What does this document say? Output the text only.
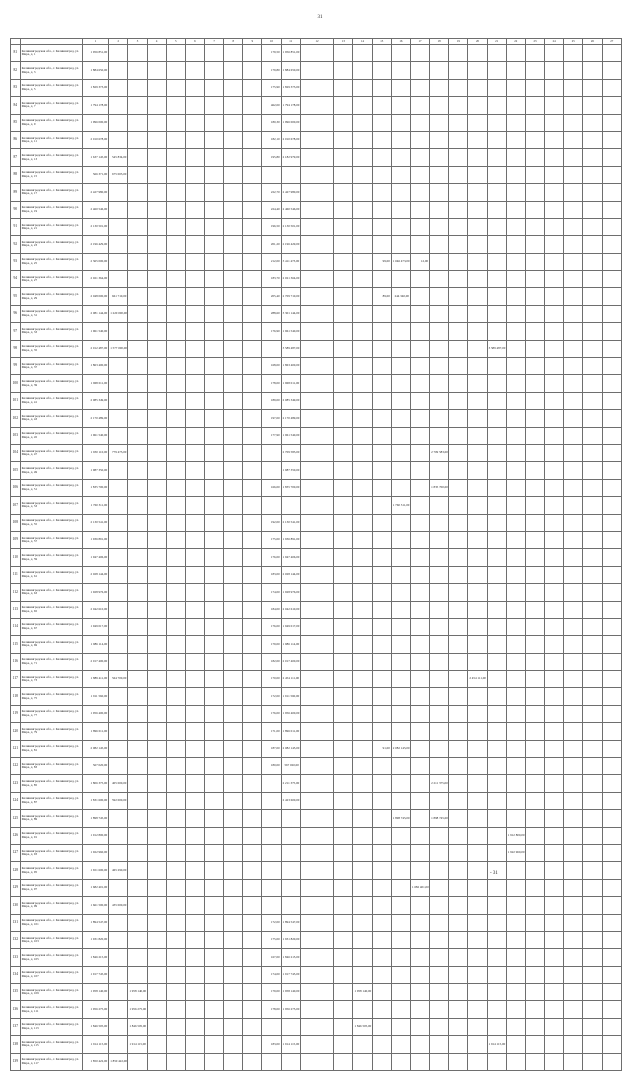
31
		1	2	3	4	5	6	7	8	9	10	11	12	13	14	15	16	17	18	19	20	21	22	23	24	25	26	27
81	Калининградская обл., г. Калининград, ул. Мира, д. 1	1 956 851,00									179,50	1 956 851,00																
82	Калининградская обл., г. Калининград, ул. Мира, д. 3	1 884 650,00									179,80	1 884 650,00																
83	Калининградская обл., г. Калининград, ул. Мира, д. 5	1 829 373,00									175,90	1 829 373,00																
84	Калининградская обл., г. Калининград, ул. Мира, д. 7	1 794 178,00									462,00	1 794 178,00																
85	Калининградская обл., г. Калининград, ул. Мира, д. 9	1 996 000,00									180,30	1 996 000,00																
86	Калининградская обл., г. Калининград, ул. Мира, д. 11	2 010 678,00									182,10	2 010 678,00																
87	Калининградская обл., г. Калининград, ул. Мира, д. 13	1 637 145,00	545 834,00								195,80	2 182 979,00																
88	Калининградская обл., г. Калининград, ул. Мира, д. 15	566 371,00	675 003,00																									
89	Калининградская обл., г. Калининград, ул. Мира, д. 17	2 427 980,00									222,70	2 427 980,00																
90	Калининградская обл., г. Калининград, ул. Мира, д. 19	2 460 546,00									224,40	2 460 546,00																
91	Калининградская обл., г. Калининград, ул. Мира, д. 21	2 130 501,00									196,50	2 130 501,00																
92	Калининградская обл., г. Калининград, ул. Мира, д. 23	2 196 429,00									201,20	2 196 429,00																
93	Калининградская обл., г. Калининград, ул. Мира, д. 25	2 365 000,00									212,00	3 411 473,00				99,00	1 046 473,00	12,00										
94	Калининградская обл., г. Калининград, ул. Мира, д. 27	2 021 364,00									183,70	2 021 364,00																
95	Калининградская обл., г. Калининград, ул. Мира, д. 29	2 048 000,00	661 710,00								205,40	2 709 710,00				89,00	244 340,00											
96	Калининградская обл., г. Калининград, ул. Мира, д. 31	2 081 144,00	1 220 000,00								288,60	3 301 144,00																
97	Калининградская обл., г. Калининград, ул. Мира, д. 33	1 961 540,00									176,90	1 961 540,00																
98	Калининградская обл., г. Калининград, ул. Мира, д. 35	2 012 487,00	1 577 000,00									3 589 487,00										3 589 487,00						
99	Калининградская обл., г. Калининград, ул. Мира, д. 37	1 863 400,00									168,00	1 863 400,00																
100	Калининградская обл., г. Калининград, ул. Мира, д. 39	1 968 011,00									178,00	1 968 011,00																
101	Калининградская обл., г. Калининград, ул. Мира, д. 41	2 085 349,00									189,00	2 085 349,00																
102	Калининградская обл., г. Калининград, ул. Мира, д. 43	2 170 489,00									197,00	2 170 489,00																
103	Калининградская обл., г. Калининград, ул. Мира, д. 45	1 961 540,00									177,90	1 961 540,00																
104	Калининградская обл., г. Калининград, ул. Мира, д. 47	1 930 110,00	779 473,00									2 709 583,00							2 709 583,00									
105	Калининградская обл., г. Калининград, ул. Мира, д. 49	1 987 350,00										1 987 350,00																
106	Калининградская обл., г. Калининград, ул. Мира, д. 51	1 835 700,00									166,00	1 835 700,00							1 835 700,00									
107	Калининградская обл., г. Калининград, ул. Мира, д. 53	1 760 311,00															1 760 311,00											
108	Калининградская обл., г. Калининград, ул. Мира, д. 55	2 130 541,00									192,00	2 130 541,00																
109	Калининградская обл., г. Калининград, ул. Мира, д. 57	1 936 891,00									175,00	1 936 891,00																
110	Калининградская обл., г. Калининград, ул. Мира, д. 59	1 947 406,00									176,00	1 947 406,00																
111	Калининградская обл., г. Калининград, ул. Мира, д. 61	2 028 144,00									183,00	2 028 144,00																
112	Калининградская обл., г. Калининград, ул. Мира, д. 63	1 928 976,00									174,00	1 928 976,00																
113	Калининградская обл., г. Калининград, ул. Мира, д. 65	2 042 610,00									184,00	2 042 610,00																
114	Калининградская обл., г. Калининград, ул. Мира, д. 67	1 949 017,00									176,00	1 949 017,00																
115	Калининградская обл., г. Калининград, ул. Мира, д. 69	1 986 114,00									179,00	1 986 114,00																
116	Калининградская обл., г. Калининград, ул. Мира, д. 71	2 017 400,00									182,00	2 017 400,00																
117	Калининградская обл., г. Калининград, ул. Мира, д. 73	1 889 411,00	564 700,00								170,00	2 454 111,00									2 454 111,00							
118	Калининградская обл., г. Калининград, ул. Мира, д. 75	1 911 560,00									172,00	1 911 560,00																
119	Калининградская обл., г. Калининград, ул. Мира, д. 77	1 956 400,00									176,00	1 956 400,00																
120	Калининградская обл., г. Калининград, ул. Мира, д. 79	1 896 011,00									171,00	1 896 011,00																
121	Калининградская обл., г. Калининград, ул. Мира, д. 81	2 082 145,00									187,00	2 082 145,00				91,00	2 082 145,00											
122	Калининградская обл., г. Калининград, ул. Мира, д. 83	567 020,00									180,00	567 020,00																
123	Калининградская обл., г. Калининград, ул. Мира, д. 85	1 806 375,00	405 000,00									2 211 375,00							2 211 375,00									
124	Калининградская обл., г. Калининград, ул. Мира, д. 87	1 831 600,00	592 000,00									2 423 600,00																
125	Калининградская обл., г. Калининград, ул. Мира, д. 89	1 898 745,00															1 898 745,00		1 898 745,00									
126	Калининградская обл., г. Калининград, ул. Мира, д. 91	1 912 800,00																					1 912 800,00					
127	Калининградская обл., г. Калининград, ул. Мира, д. 93	1 922 960,00																					1 922 960,00					
128	Калининградская обл., г. Калининград, ул. Мира, д. 95	1 651 600,00	465 290,00																									
129	Калининградская обл., г. Калининград, ул. Мира, д. 97	1 682 401,00																1 682 401,00										
130	Калининградская обл., г. Калининград, ул. Мира, д. 99	1 661 500,00	435 000,00																									
131	Калининградская обл., г. Калининград, ул. Мира, д. 101	1 894 547,00									172,00	1 894 547,00																
132	Калининградская обл., г. Калининград, ул. Мира, д. 103	1 931 820,00									175,00	1 931 820,00																
133	Калининградская обл., г. Калининград, ул. Мира, д. 105	1 846 215,00									167,00	1 846 215,00																
134	Калининградская обл., г. Калининград, ул. Мира, д. 107	1 917 745,00									174,00	1 917 745,00																
135	Калининградская обл., г. Калининград, ул. Мира, д. 109	1 958 140,00		1 958 140,00							179,00	1 958 140,00			1 958 140,00													
136	Калининградская обл., г. Калининград, ул. Мира, д. 111	1 956 275,00		1 956 275,00							178,00	1 956 275,00																
137	Калининградская обл., г. Калининград, ул. Мира, д. 113	1 846 505,00		1 846 505,00											1 846 505,00													
138	Калининградская обл., г. Калининград, ул. Мира, д. 115	1 914 115,00		1 914 115,00							183,00	1 914 115,00										1 914 115,00						
139	Калининградская обл., г. Калининград, ул. Мира, д. 117	1 850 422,00	1 850 422,00																									
- 31
